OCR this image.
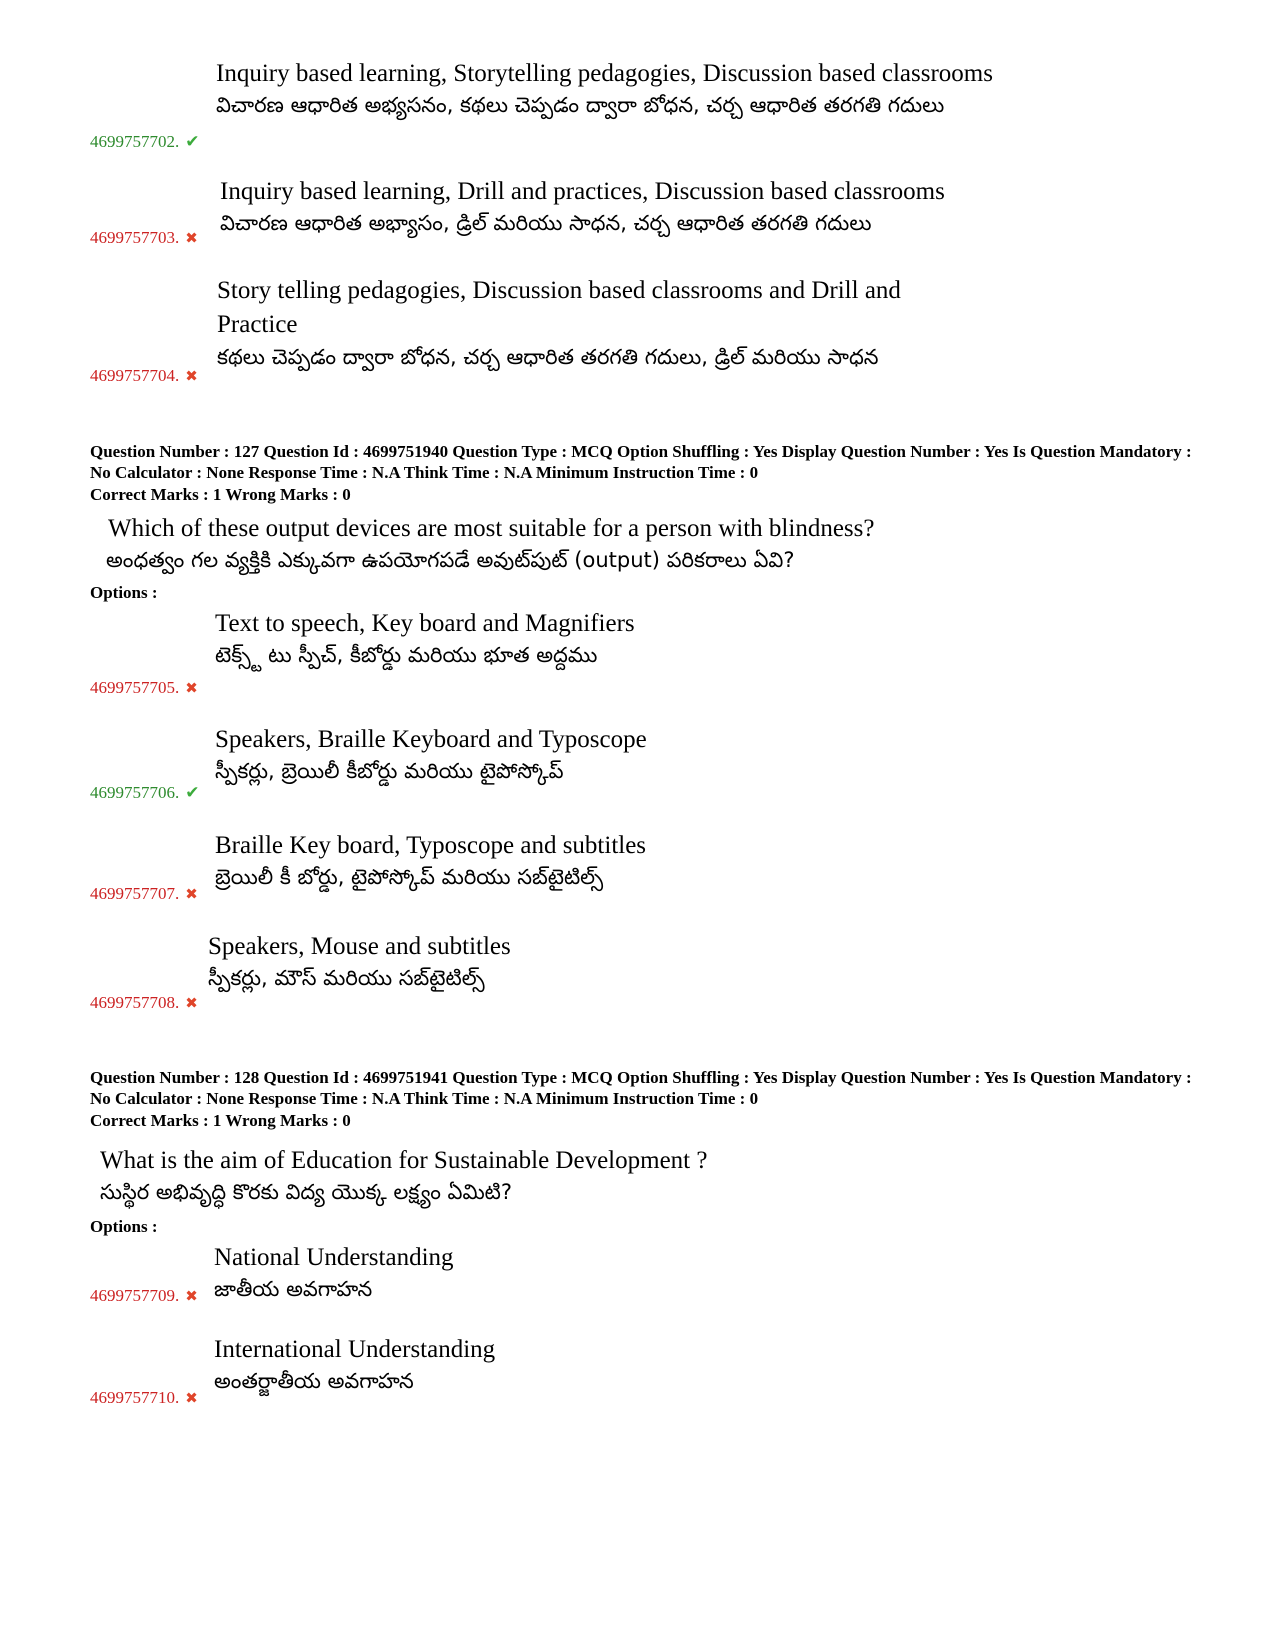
Inquiry based learning, Storytelling pedagogies, Discussion based classrooms
విచారణ ఆధారిత అభ్యసనం, కథలు చెప్పడం ద్వారా బోధన, చర్చ ఆధారిత తరగతి గదులు
4699757702. ✔
Inquiry based learning, Drill and practices, Discussion based classrooms
విచారణ ఆధారిత అభ్యాసం, డ్రిల్ మరియు సాధన, చర్చ ఆధారిత తరగతి గదులు
4699757703. ✖
Story telling pedagogies, Discussion based classrooms and Drill and Practice
కథలు చెప్పడం ద్వారా బోధన, చర్చ ఆధారిత తరగతి గదులు, డ్రిల్ మరియు సాధన
4699757704. ✖
Question Number : 127 Question Id : 4699751940 Question Type : MCQ Option Shuffling : Yes Display Question Number : Yes Is Question Mandatory : No Calculator : None Response Time : N.A Think Time : N.A Minimum Instruction Time : 0
Correct Marks : 1 Wrong Marks : 0
Which of these output devices are most suitable for a person with blindness?
అంధత్వం గల వ్యక్తికి ఎక్కువగా ఉపయోగపడే అవుట్‌పుట్ (output) పరికరాలు ఏవి?
Options :
Text to speech, Key board and Magnifiers
టెక్స్ట్ టు స్పీచ్, కీబోర్డు మరియు భూత అద్దము
4699757705. ✖
Speakers, Braille Keyboard and Typoscope
స్పీకర్లు, బ్రెయిలీ కీబోర్డు మరియు టైపోస్కోప్
4699757706. ✔
Braille Key board, Typoscope and subtitles
బ్రెయిలీ కీ బోర్డు, టైపోస్కోప్ మరియు సబ్‌టైటిల్స్
4699757707. ✖
Speakers, Mouse and subtitles
స్పీకర్లు, మౌస్ మరియు సబ్‌టైటిల్స్
4699757708. ✖
Question Number : 128 Question Id : 4699751941 Question Type : MCQ Option Shuffling : Yes Display Question Number : Yes Is Question Mandatory : No Calculator : None Response Time : N.A Think Time : N.A Minimum Instruction Time : 0
Correct Marks : 1 Wrong Marks : 0
What is the aim of Education for Sustainable Development ?
సుస్థిర అభివృద్ధి కొరకు విద్య యొక్క లక్ష్యం ఏమిటి?
Options :
National Understanding
జాతీయ అవగాహన
4699757709. ✖
International Understanding
అంతర్జాతీయ అవగాహన
4699757710. ✖
